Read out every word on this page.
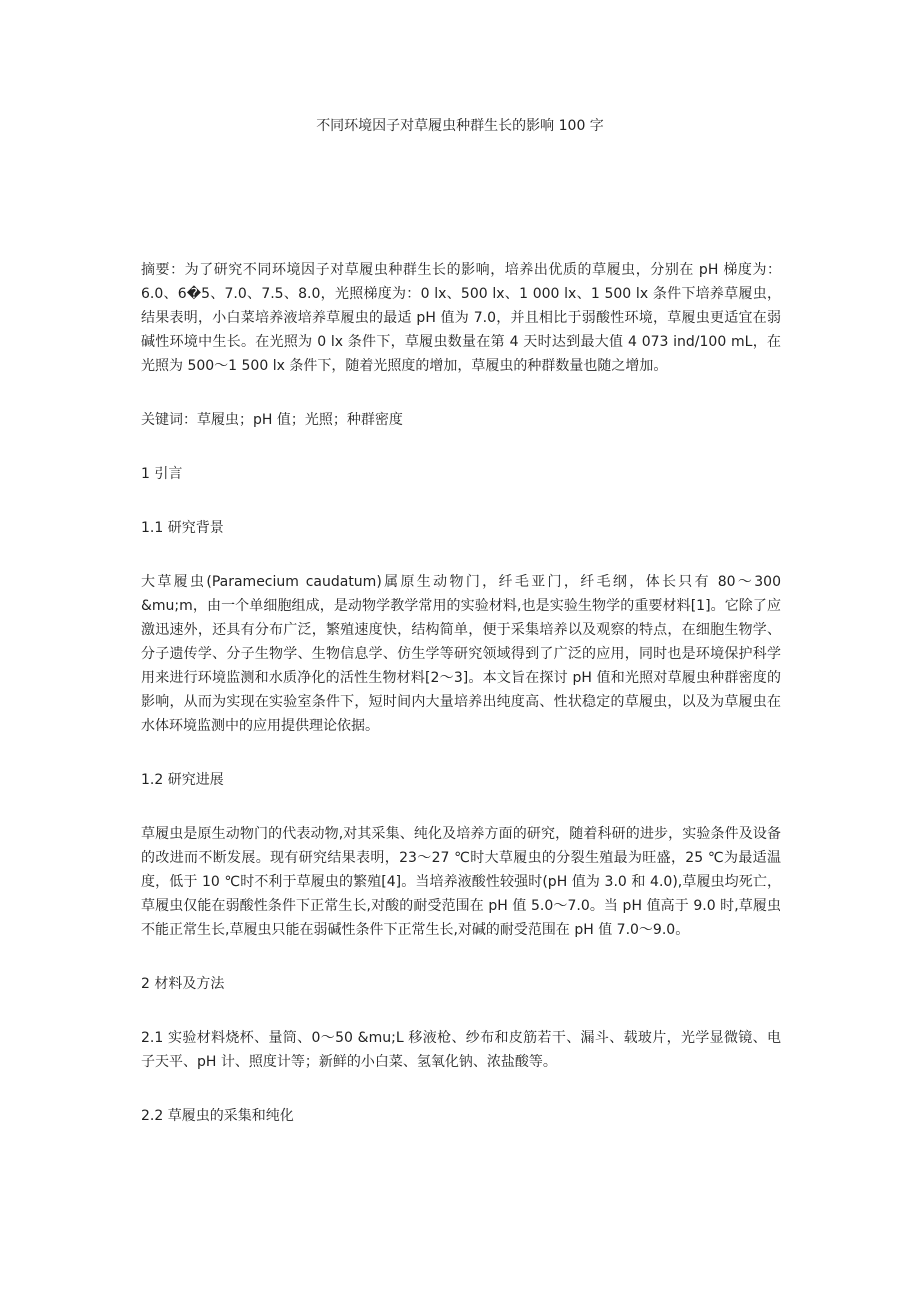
不同环境因子对草履虫种群生长的影响 100 字

摘要：为了研究不同环境因子对草履虫种群生长的影响，培养出优质的草履虫，分别在 pH 梯度为：6.0、6�5、7.0、7.5、8.0，光照梯度为：0 lx、500 lx、1 000 lx、1 500 lx 条件下培养草履虫，结果表明，小白菜培养液培养草履虫的最适 pH 值为 7.0，并且相比于弱酸性环境，草履虫更适宜在弱碱性环境中生长。在光照为 0 lx 条件下，草履虫数量在第 4 天时达到最大值 4 073 ind/100 mL，在光照为 500～1 500 lx 条件下，随着光照度的增加，草履虫的种群数量也随之增加。

关键词：草履虫；pH 值；光照；种群密度

1 引言
1.1 研究背景

大草履虫(Paramecium caudatum)属原生动物门，纤毛亚门，纤毛纲，体长只有 80～300 &mu;m，由一个单细胞组成，是动物学教学常用的实验材料,也是实验生物学的重要材料[1]。它除了应激迅速外，还具有分布广泛，繁殖速度快，结构简单，便于采集培养以及观察的特点，在细胞生物学、分子遗传学、分子生物学、生物信息学、仿生学等研究领域得到了广泛的应用，同时也是环境保护科学用来进行环境监测和水质净化的活性生物材料[2～3]。本文旨在探讨 pH 值和光照对草履虫种群密度的影响，从而为实现在实验室条件下，短时间内大量培养出纯度高、性状稳定的草履虫，以及为草履虫在水体环境监测中的应用提供理论依据。

1.2 研究进展

草履虫是原生动物门的代表动物,对其采集、纯化及培养方面的研究，随着科研的进步，实验条件及设备的改进而不断发展。现有研究结果表明，23～27 ℃时大草履虫的分裂生殖最为旺盛，25 ℃为最适温度，低于 10 ℃时不利于草履虫的繁殖[4]。当培养液酸性较强时(pH 值为 3.0 和 4.0),草履虫均死亡，草履虫仅能在弱酸性条件下正常生长,对酸的耐受范围在 pH 值 5.0～7.0。当 pH 值高于 9.0 时,草履虫不能正常生长,草履虫只能在弱碱性条件下正常生长,对碱的耐受范围在 pH 值 7.0～9.0。

2 材料及方法

2.1 实验材料烧杯、量筒、0～50 &mu;L 移液枪、纱布和皮筋若干、漏斗、载玻片，光学显微镜、电子天平、pH 计、照度计等；新鲜的小白菜、氢氧化钠、浓盐酸等。

2.2 草履虫的采集和纯化
